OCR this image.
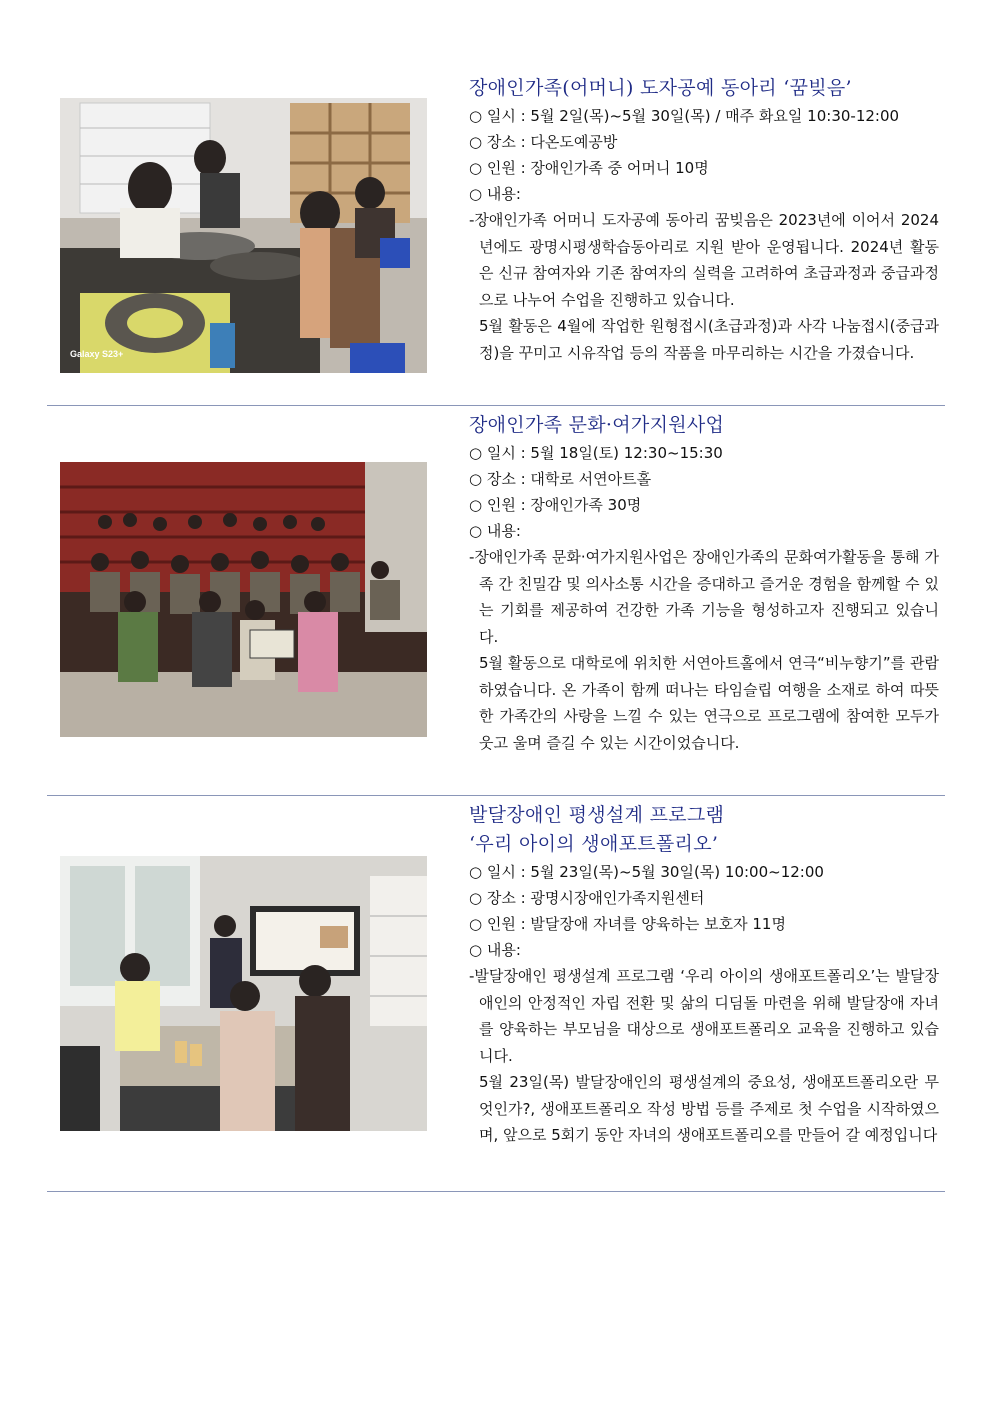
Galaxy S23+
장애인가족(어머니) 도자공예 동아리 ‘꿈빚음’
○ 일시 : 5월 2일(목)~5월 30일(목) / 매주 화요일 10:30-12:00
○ 장소 : 다온도예공방
○ 인원 : 장애인가족 중 어머니 10명
○ 내용:

-장애인가족 어머니 도자공예 동아리 꿈빚음은 2023년에 이어서 2024년에도 광명시평생학습동아리로 지원 받아 운영됩니다. 2024년 활동은 신규 참여자와 기존 참여자의 실력을 고려하여 초급과정과 중급과정으로 나누어 수업을 진행하고 있습니다.

5월 활동은 4월에 작업한 원형접시(초급과정)과 사각 나눔접시(중급과정)을 꾸미고 시유작업 등의 작품을 마무리하는 시간을 가졌습니다.

장애인가족 문화·여가지원사업
○ 일시 : 5월 18일(토) 12:30~15:30
○ 장소 : 대학로 서연아트홀
○ 인원 : 장애인가족 30명
○ 내용:

-장애인가족 문화·여가지원사업은 장애인가족의 문화여가활동을 통해 가족 간 친밀감 및 의사소통 시간을 증대하고 즐거운 경험을 함께할 수 있는 기회를 제공하여 건강한 가족 기능을 형성하고자 진행되고 있습니다.

5월 활동으로 대학로에 위치한 서연아트홀에서 연극“비누향기”를 관람하였습니다. 온 가족이 함께 떠나는 타임슬립 여행을 소재로 하여 따뜻한 가족간의 사랑을 느낄 수 있는 연극으로 프로그램에 참여한 모두가 웃고 울며 즐길 수 있는 시간이었습니다.

발달장애인 평생설계 프로그램
‘우리 아이의 생애포트폴리오’
○ 일시 : 5월 23일(목)~5월 30일(목) 10:00~12:00
○ 장소 : 광명시장애인가족지원센터
○ 인원 : 발달장애 자녀를 양육하는 보호자 11명
○ 내용:

-발달장애인 평생설계 프로그램 ‘우리 아이의 생애포트폴리오’는 발달장애인의 안정적인 자립 전환 및 삶의 디딤돌 마련을 위해 발달장애 자녀를 양육하는 부모님을 대상으로 생애포트폴리오 교육을 진행하고 있습니다.

5월 23일(목) 발달장애인의 평생설계의 중요성, 생애포트폴리오란 무엇인가?, 생애포트폴리오 작성 방법 등를 주제로 첫 수업을 시작하였으며, 앞으로 5회기 동안 자녀의 생애포트폴리오를 만들어 갈 예정입니다
